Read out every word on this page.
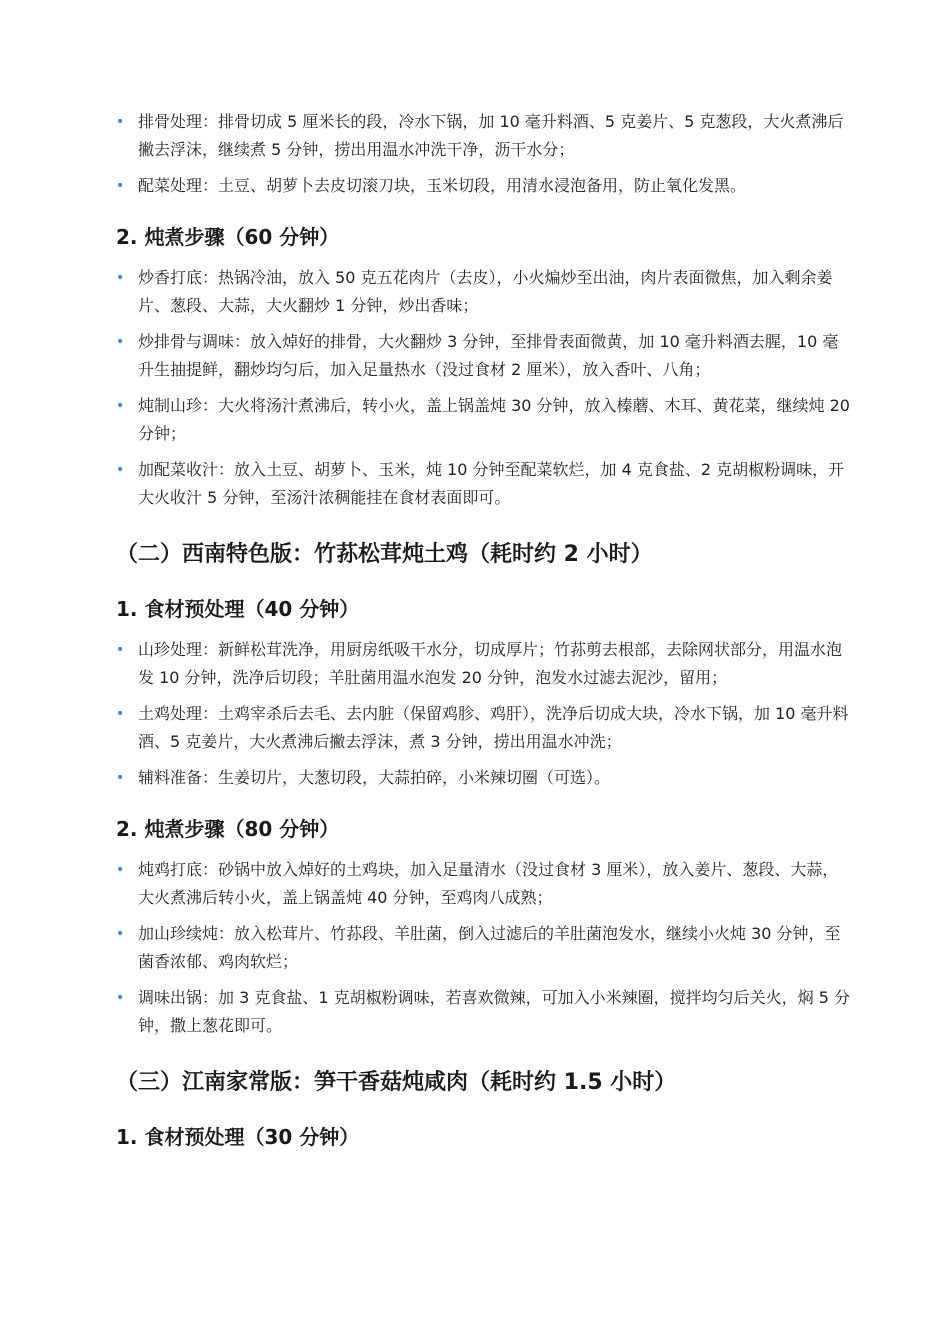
• 排骨处理：排骨切成 5 厘米长的段，冷水下锅，加 10 毫升料酒、5 克姜片、5 克葱段，大火煮沸后撇去浮沫，继续煮 5 分钟，捞出用温水冲洗干净，沥干水分；
• 配菜处理：土豆、胡萝卜去皮切滚刀块，玉米切段，用清水浸泡备用，防止氧化发黑。
2. 炖煮步骤（60 分钟）
• 炒香打底：热锅冷油，放入 50 克五花肉片（去皮），小火煸炒至出油，肉片表面微焦，加入剩余姜片、葱段、大蒜，大火翻炒 1 分钟，炒出香味；
• 炒排骨与调味：放入焯好的排骨，大火翻炒 3 分钟，至排骨表面微黄，加 10 毫升料酒去腥，10 毫升生抽提鲜，翻炒均匀后，加入足量热水（没过食材 2 厘米），放入香叶、八角；
• 炖制山珍：大火将汤汁煮沸后，转小火，盖上锅盖炖 30 分钟，放入榛蘑、木耳、黄花菜，继续炖 20 分钟；
• 加配菜收汁：放入土豆、胡萝卜、玉米，炖 10 分钟至配菜软烂，加 4 克食盐、2 克胡椒粉调味，开大火收汁 5 分钟，至汤汁浓稠能挂在食材表面即可。
（二）西南特色版：竹荪松茸炖土鸡（耗时约 2 小时）
1. 食材预处理（40 分钟）
• 山珍处理：新鲜松茸洗净，用厨房纸吸干水分，切成厚片；竹荪剪去根部，去除网状部分，用温水泡发 10 分钟，洗净后切段；羊肚菌用温水泡发 20 分钟，泡发水过滤去泥沙，留用；
• 土鸡处理：土鸡宰杀后去毛、去内脏（保留鸡胗、鸡肝），洗净后切成大块，冷水下锅，加 10 毫升料酒、5 克姜片，大火煮沸后撇去浮沫，煮 3 分钟，捞出用温水冲洗；
• 辅料准备：生姜切片，大葱切段，大蒜拍碎，小米辣切圈（可选）。
2. 炖煮步骤（80 分钟）
• 炖鸡打底：砂锅中放入焯好的土鸡块，加入足量清水（没过食材 3 厘米），放入姜片、葱段、大蒜，大火煮沸后转小火，盖上锅盖炖 40 分钟，至鸡肉八成熟；
• 加山珍续炖：放入松茸片、竹荪段、羊肚菌，倒入过滤后的羊肚菌泡发水，继续小火炖 30 分钟，至菌香浓郁、鸡肉软烂；
• 调味出锅：加 3 克食盐、1 克胡椒粉调味，若喜欢微辣，可加入小米辣圈，搅拌均匀后关火，焖 5 分钟，撒上葱花即可。
（三）江南家常版：笋干香菇炖咸肉（耗时约 1.5 小时）
1. 食材预处理（30 分钟）
